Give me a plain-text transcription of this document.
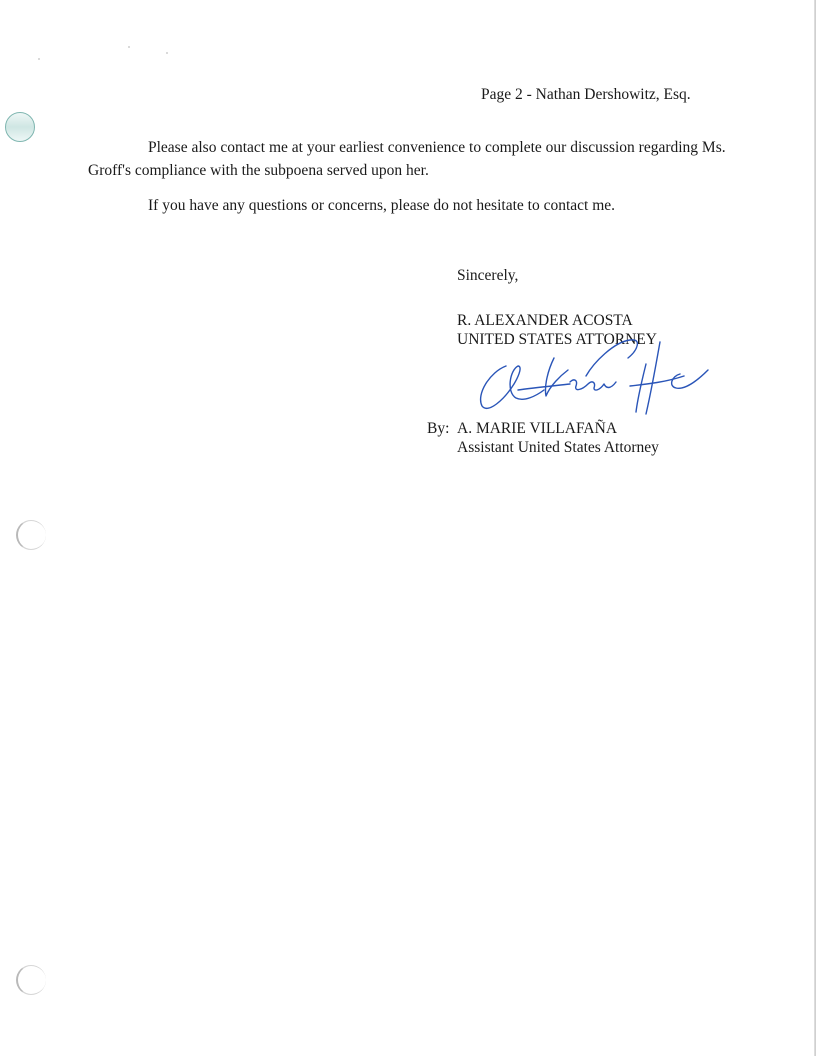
Page 2 - Nathan Dershowitz, Esq.
Please also contact me at your earliest convenience to complete our discussion regarding Ms. Groff's compliance with the subpoena served upon her.
If you have any questions or concerns, please do not hesitate to contact me.
Sincerely,
R. ALEXANDER ACOSTA
UNITED STATES ATTORNEY
By: A. MARIE VILLAFAÑA
Assistant United States Attorney
